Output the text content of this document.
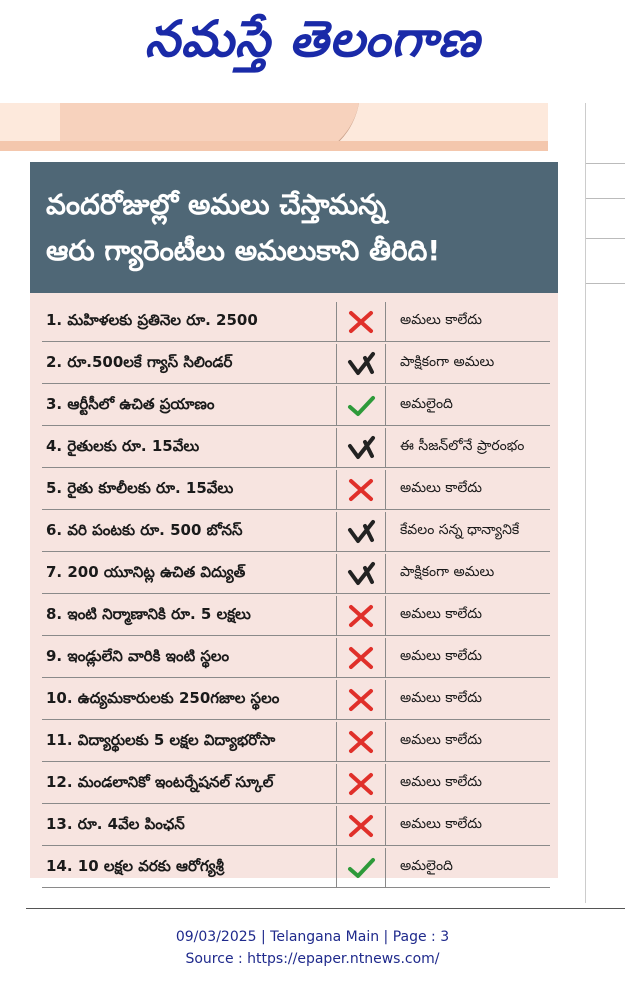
నమస్తే తెలంగాణ
వందరోజుల్లో అమలు చేస్తామన్న
ఆరు గ్యారెంటీలు అమలుకాని తీరిది!
1. మహిళలకు ప్రతినెల రూ. 2500	అమలు కాలేదు
2. రూ.500లకే గ్యాస్ సిలిండర్	పాక్షికంగా అమలు
3. ఆర్టీసీలో ఉచిత ప్రయాణం	అమలైంది
4. రైతులకు రూ. 15వేలు	ఈ సీజన్‌లోనే ప్రారంభం
5. రైతు కూలీలకు రూ. 15వేలు	అమలు కాలేదు
6. వరి పంటకు రూ. 500 బోనస్	కేవలం సన్న ధాన్యానికే
7. 200 యూనిట్ల ఉచిత విద్యుత్	పాక్షికంగా అమలు
8. ఇంటి నిర్మాణానికి రూ. 5 లక్షలు	అమలు కాలేదు
9. ఇండ్లులేని వారికి ఇంటి స్థలం	అమలు కాలేదు
10. ఉద్యమకారులకు 250గజాల స్థలం	అమలు కాలేదు
11. విద్యార్థులకు 5 లక్షల విద్యాభరోసా	అమలు కాలేదు
12. మండలానికో ఇంటర్నేషనల్ స్కూల్	అమలు కాలేదు
13. రూ. 4వేల పింఛన్	అమలు కాలేదు
14. 10 లక్షల వరకు ఆరోగ్యశ్రీ	అమలైంది
09/03/2025 | Telangana Main | Page : 3
Source : https://epaper.ntnews.com/
